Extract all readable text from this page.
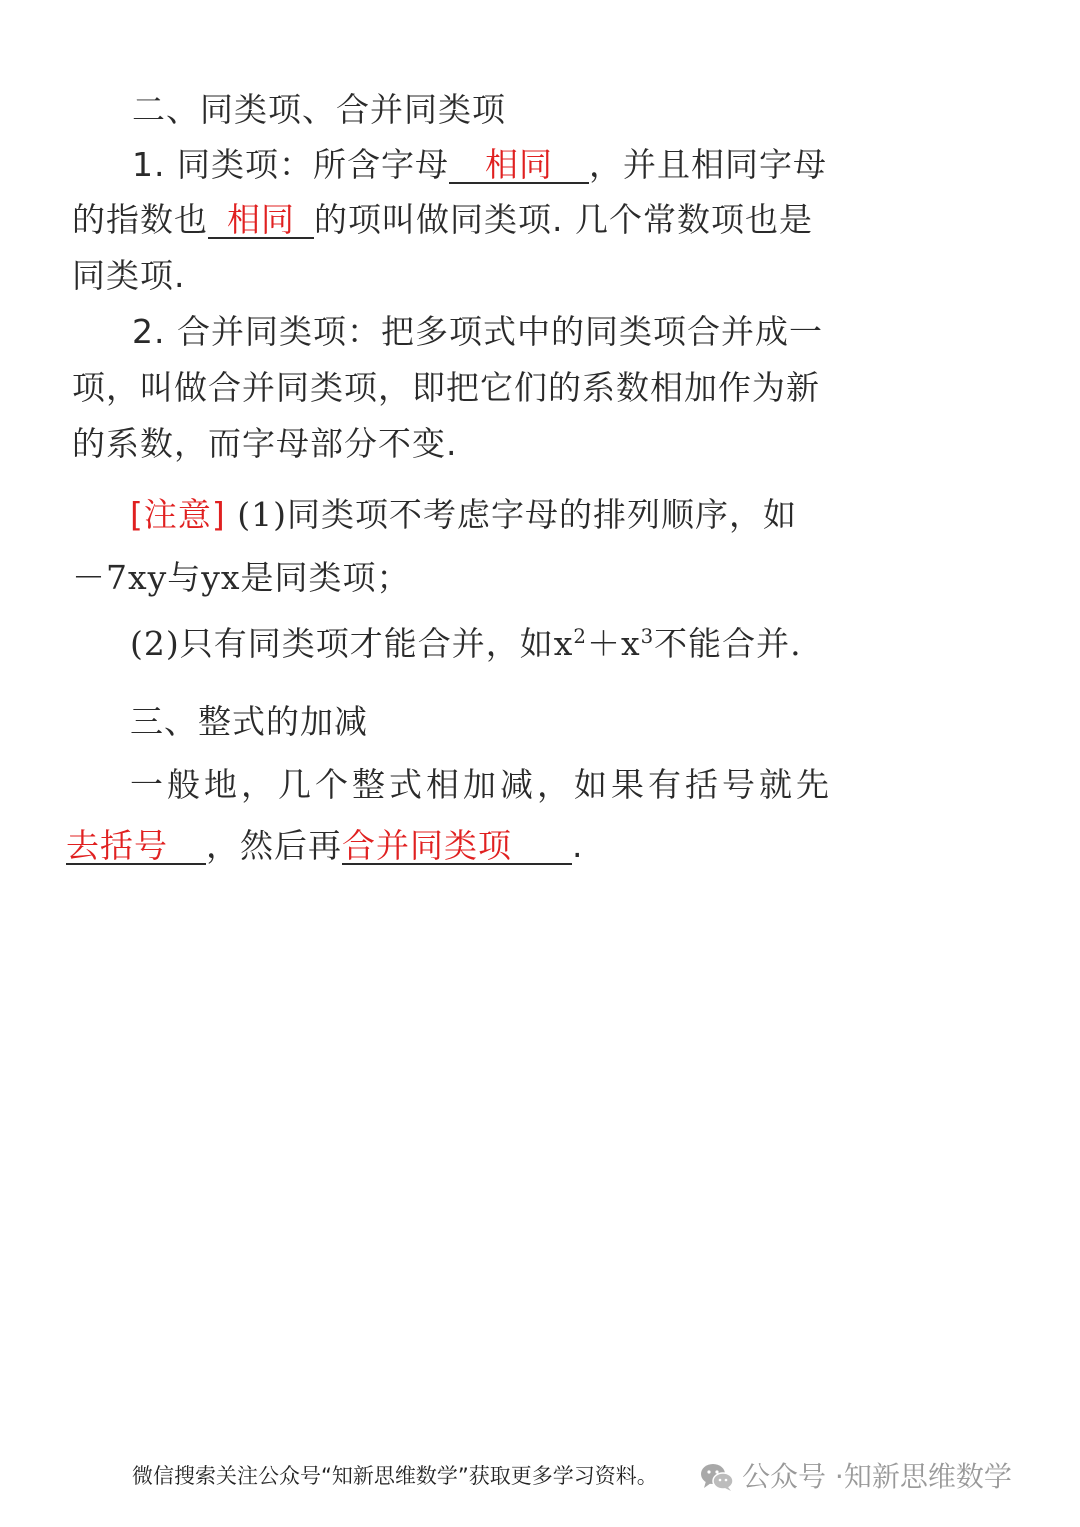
二、同类项、合并同类项
1. 同类项：所含字母 相同 ，并且相同字母
的指数也 相同 的项叫做同类项. 几个常数项也是
同类项.
2. 合并同类项：把多项式中的同类项合并成一
项，叫做合并同类项，即把它们的系数相加作为新
的系数，而字母部分不变.
[注意] (1)同类项不考虑字母的排列顺序，如
－7xy与yx是同类项；
(2)只有同类项才能合并，如$x^2+x^3$不能合并.
三、整式的加减
一般地，几个整式相加减，如果有括号就先
去括号 ，然后再合并同类项 .
微信搜索关注公众号“知新思维数学”获取更多学习资料。	公众号 · 知新思维数学
